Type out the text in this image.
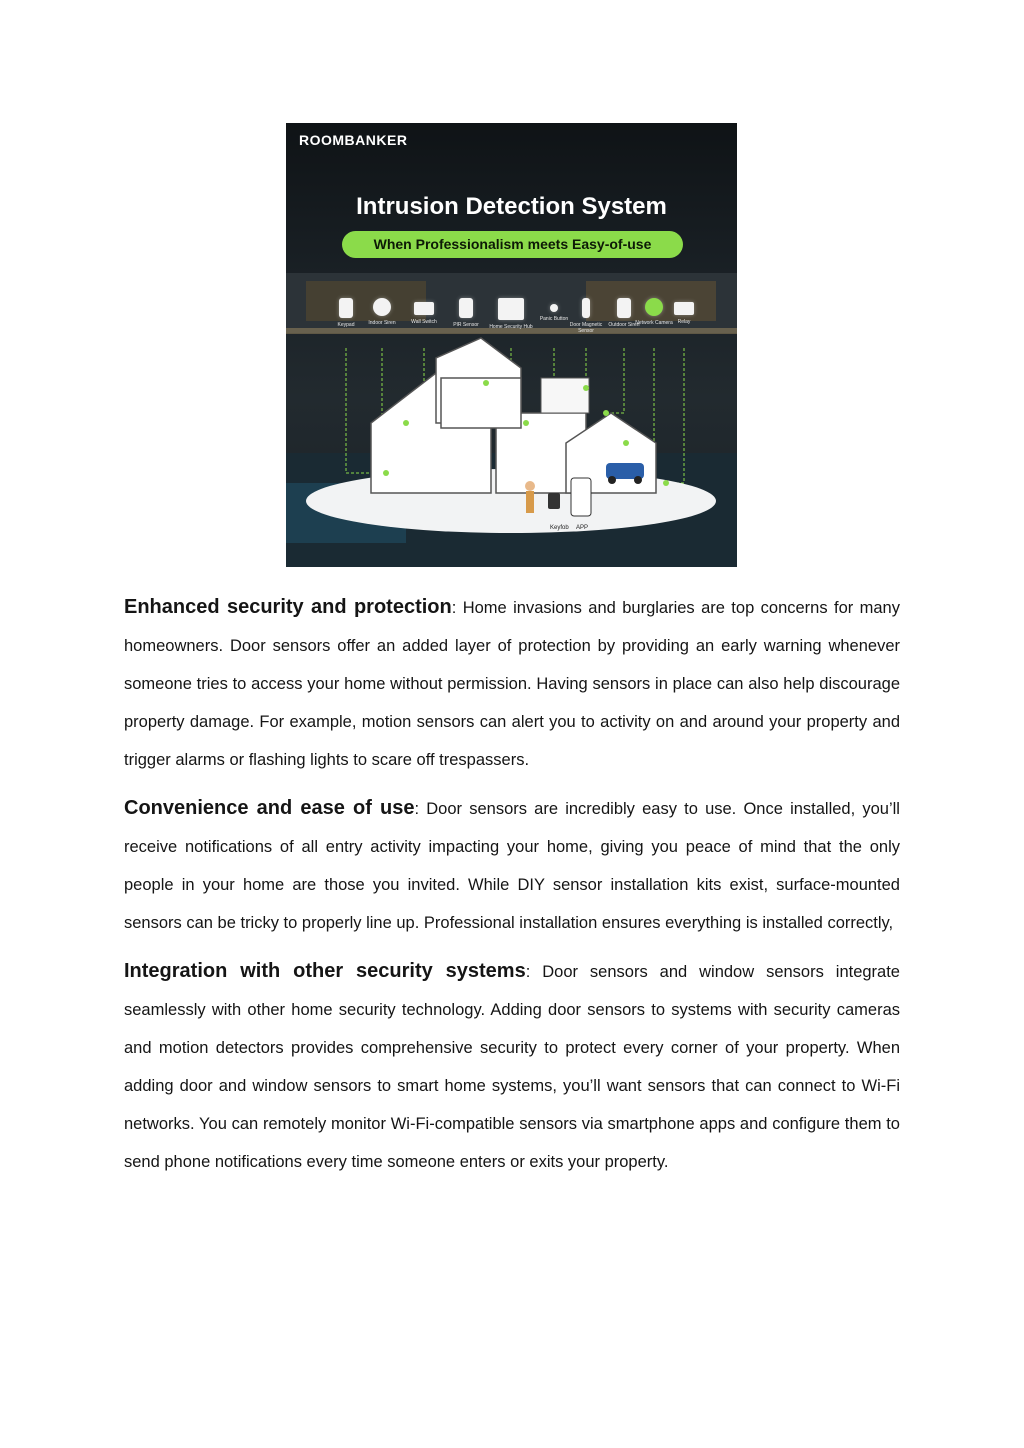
ROOMBANKER
Intrusion Detection System
When Professionalism meets Easy-of-use
Keypad	Indoor Siren	Wall Switch	PIR Sensor	Home Security Hub
Panic Button
Door Magnetic Sensor
Outdoor Siren
Network Camera Relay
Keyfob APP

Enhanced security and protection: Home invasions and burglaries are top concerns for many homeowners. Door sensors offer an added layer of protection by providing an early warning whenever someone tries to access your home without permission. Having sensors in place can also help discourage property damage. For example, motion sensors can alert you to activity on and around your property and trigger alarms or flashing lights to scare off trespassers.

Convenience and ease of use: Door sensors are incredibly easy to use. Once installed, you’ll receive notifications of all entry activity impacting your home, giving you peace of mind that the only people in your home are those you invited. While DIY sensor installation kits exist, surface-mounted sensors can be tricky to properly line up. Professional installation ensures everything is installed correctly,

Integration with other security systems: Door sensors and window sensors integrate seamlessly with other home security technology. Adding door sensors to systems with security cameras and motion detectors provides comprehensive security to protect every corner of your property. When adding door and window sensors to smart home systems, you’ll want sensors that can connect to Wi-Fi networks. You can remotely monitor Wi-Fi-compatible sensors via smartphone apps and configure them to send phone notifications every time someone enters or exits your property.
